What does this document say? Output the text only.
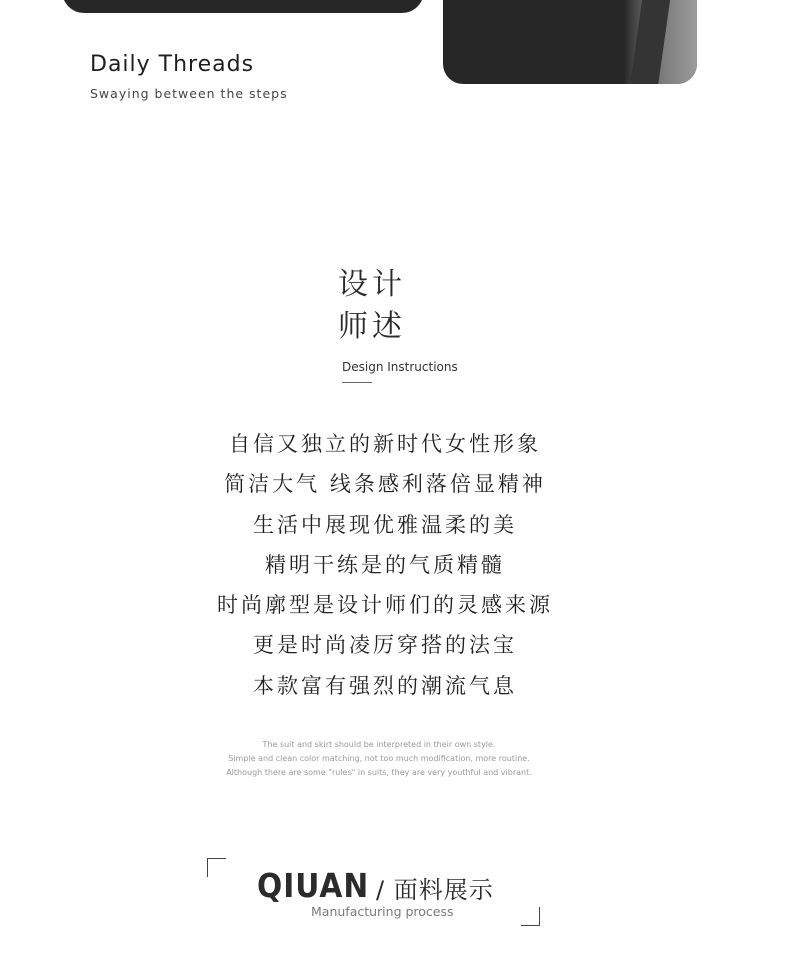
Daily Threads
Swaying between the steps
设计
师述
Design Instructions
自信又独立的新时代女性形象
简洁大气 线条感利落倍显精神
生活中展现优雅温柔的美
精明干练是的气质精髓
时尚廓型是设计师们的灵感来源
更是时尚凌厉穿搭的法宝
本款富有强烈的潮流气息
The suit and skirt should be interpreted in their own style.
Simple and clean color matching, not too much modification, more routine.
Although there are some "rules" in suits, they are very youthful and vibrant.
QIUAN / 面料展示
Manufacturing process
